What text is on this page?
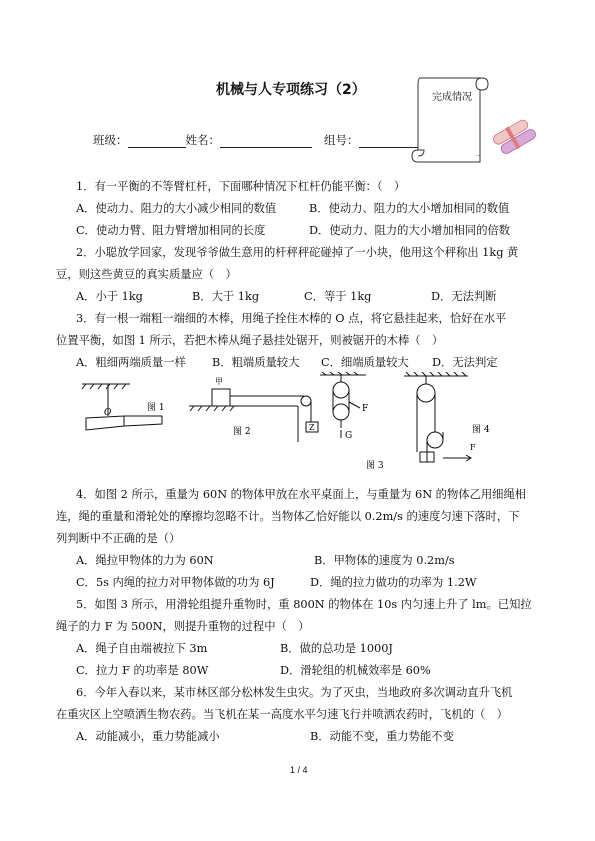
机械与人专项练习（2）
班级：	姓名：	组号：
完成情况
1．有一平衡的不等臂杠杆，下面哪种情况下杠杆仍能平衡：（　）
A．使动力、阻力的大小减少相同的数值	B．使动力、阻力的大小增加相同的数值
C．使动力臂、阻力臂增加相同的长度	D．使动力、阻力的大小增加相同的倍数
2．小聪放学回家，发现爷爷做生意用的杆秤秤砣碰掉了一小块，他用这个秤称出 1kg 黄
豆，则这些黄豆的真实质量应（　）
A．小于 1kg	B．大于 1kg	C．等于 1kg	D．无法判断
3．有一根一端粗一端细的木棒，用绳子拴住木棒的 O 点，将它悬挂起来，恰好在水平
位置平衡，如图 1 所示，若把木棒从绳子悬挂处锯开，则被锯开的木棒（　）
A．粗细两端质量一样 B．粗端质量较大 C．细端质量较大 D．无法判定
O	图 1
甲
Z
图 2
F
G
图 3
F
图 4
4．如图 2 所示，重量为 60N 的物体甲放在水平桌面上，与重量为 6N 的物体乙用细绳相
连，绳的重量和滑轮处的摩擦均忽略不计。当物体乙恰好能以 0.2m/s 的速度匀速下落时，下
列判断中不正确的是（）
A．绳拉甲物体的力为 60N	B．甲物体的速度为 0.2m/s
C．5s 内绳的拉力对甲物体做的功为 6J	D．绳的拉力做功的功率为 1.2W
5．如图 3 所示，用滑轮组提升重物时，重 800N 的物体在 10s 内匀速上升了 lm。已知拉
绳子的力 F 为 500N，则提升重物的过程中（　）
A．绳子自由端被拉下 3m	B．做的总功是 1000J
C．拉力 F 的功率是 80W	D．滑轮组的机械效率是 60%
6．今年入春以来，某市林区部分松林发生虫灾。为了灭虫，当地政府多次调动直升飞机
在重灾区上空喷洒生物农药。当飞机在某一高度水平匀速飞行并喷洒农药时，飞机的（　）
A．动能减小，重力势能减小	B．动能不变，重力势能不变
1 / 4
